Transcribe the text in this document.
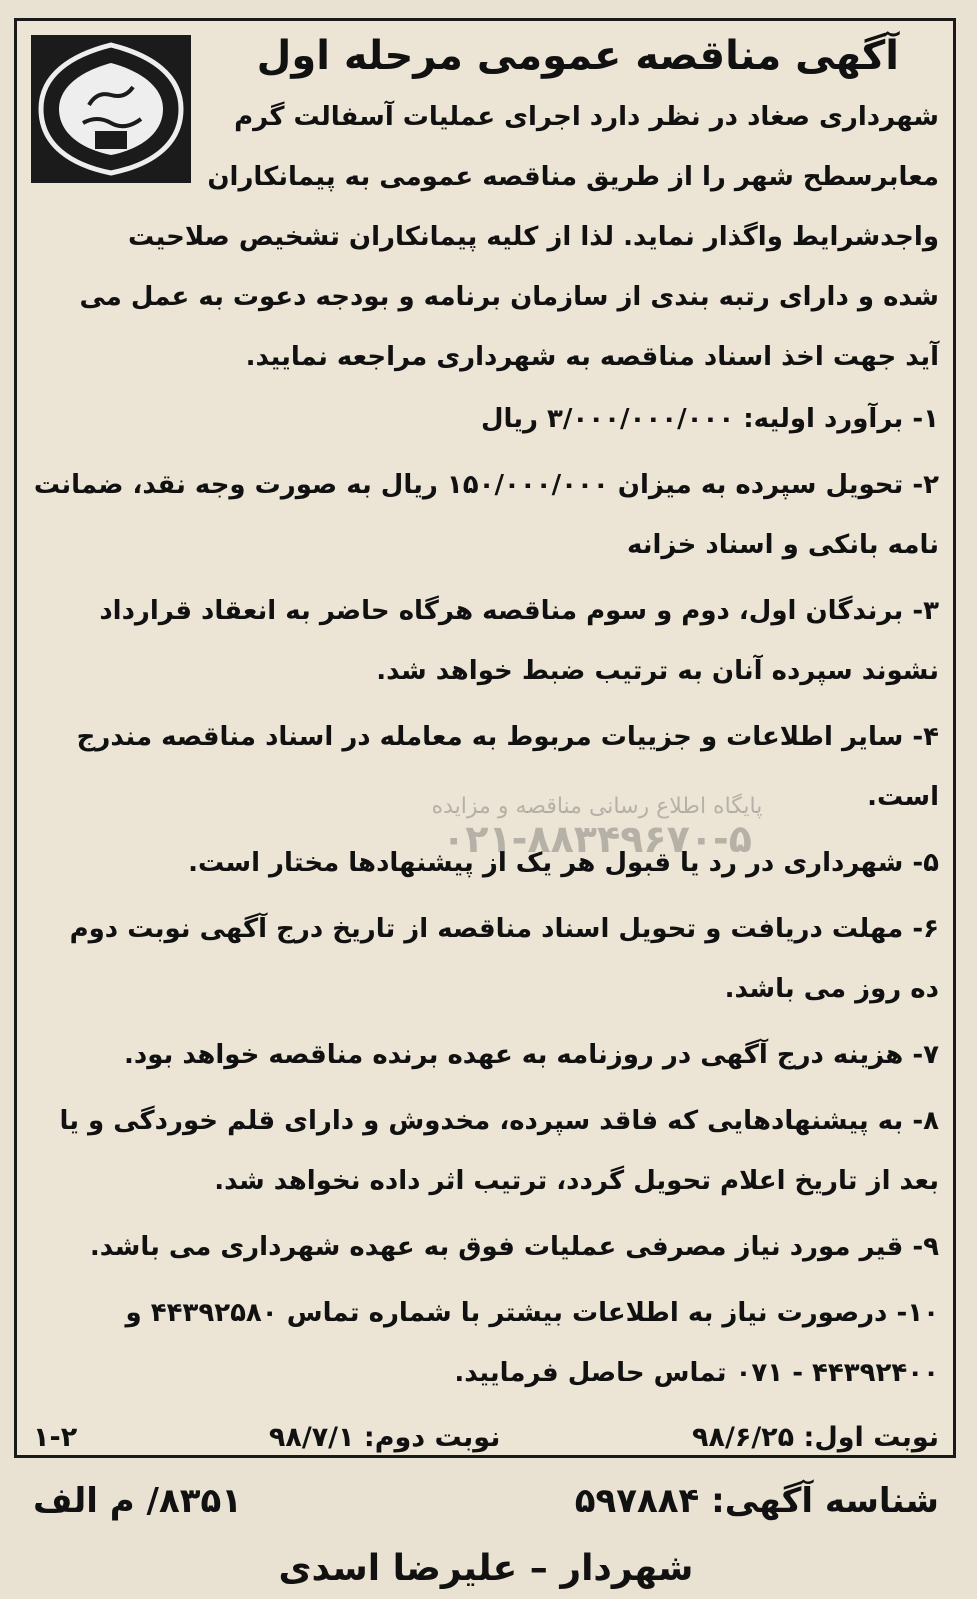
آگهی مناقصه عمومی مرحله اول

شهرداری صغاد در نظر دارد اجرای عملیات آسفالت گرم

معابرسطح شهر را از طریق مناقصه عمومی به پیمانکاران

واجدشرایط واگذار نماید. لذا از کلیه پیمانکاران تشخیص صلاحیت

شده و دارای رتبه بندی از سازمان برنامه و بودجه دعوت به عمل می

آید جهت اخذ اسناد مناقصه به شهرداری مراجعه نمایید.

۱- برآورد اولیه: ۳/۰۰۰/۰۰۰/۰۰۰ ریال

۲- تحویل سپرده به میزان ۱۵۰/۰۰۰/۰۰۰ ریال به صورت وجه نقد، ضمانت نامه بانکی و اسناد خزانه

۳- برندگان اول، دوم و سوم مناقصه هرگاه حاضر به انعقاد قرارداد نشوند سپرده آنان به ترتیب ضبط خواهد شد.

۴- سایر اطلاعات و جزییات مربوط به معامله در اسناد مناقصه مندرج است.

۵- شهرداری در رد یا قبول هر یک از پیشنهادها مختار است.

۶- مهلت دریافت و تحویل اسناد مناقصه از تاریخ درج آگهی نوبت دوم ده روز می باشد.

۷- هزینه درج آگهی در روزنامه به عهده برنده مناقصه خواهد بود.

۸- به پیشنهادهایی که فاقد سپرده، مخدوش و دارای قلم خوردگی و یا بعد از تاریخ اعلام تحویل گردد، ترتیب اثر داده نخواهد شد.

۹- قیر مورد نیاز مصرفی عملیات فوق به عهده شهرداری می باشد.

۱۰- درصورت نیاز به اطلاعات بیشتر با شماره تماس ۴۴۳۹۲۵۸۰ و ۴۴۳۹۲۴۰۰ - ۰۷۱ تماس حاصل فرمایید.

نوبت اول: ۹۸/۶/۲۵
نوبت دوم: ۹۸/۷/۱
۱-۲
شناسه آگهی: ۵۹۷۸۸۴
۸۳۵۱/ م الف
شهردار – علیرضا اسدی
پایگاه اطلاع رسانی مناقصه و مزایده
۰۲۱-۸۸۳۴۹۶۷۰-۵
